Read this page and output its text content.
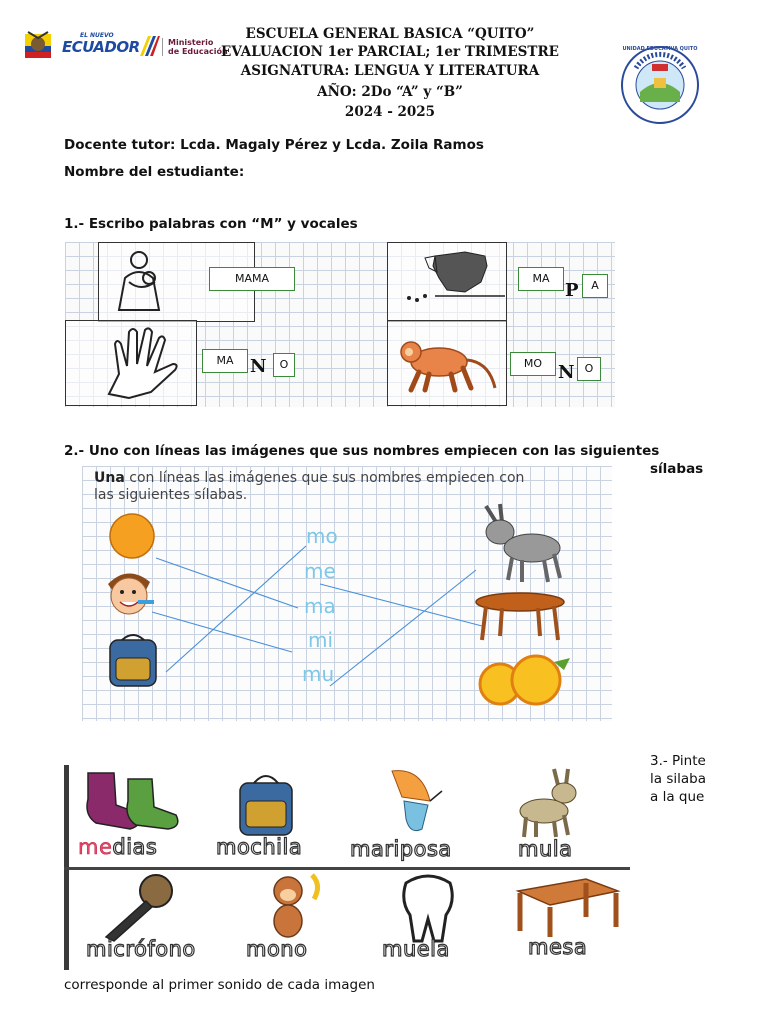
EL NUEVO
ECUADOR	Ministerio
de Educación
ESCUELA GENERAL BASICA “QUITO”
EVALUACION 1er PARCIAL; 1er TRIMESTRE
ASIGNATURA: LENGUA Y LITERATURA
AÑO: 2Do “A” y “B”
2024 - 2025
UNIDAD EDUCATIVA QUITO
Docente tutor: Lcda. Magaly Pérez y Lcda. Zoila Ramos
Nombre del estudiante:
1.- Escribo palabras con “M” y vocales
MAMA	MA
P	A
MA N	O	MO N O
2.- Uno con líneas las imágenes que sus nombres empiecen con las siguientes
sílabas
Una con líneas las imágenes que sus nombres empiecen con
las siguientes sílabas.
mo
me
ma
mi
mu
3.- Pinte
la silaba
a la que
medias	mochila mariposa	mula
micrófono mono	muela	mesa
corresponde al primer sonido de cada imagen
